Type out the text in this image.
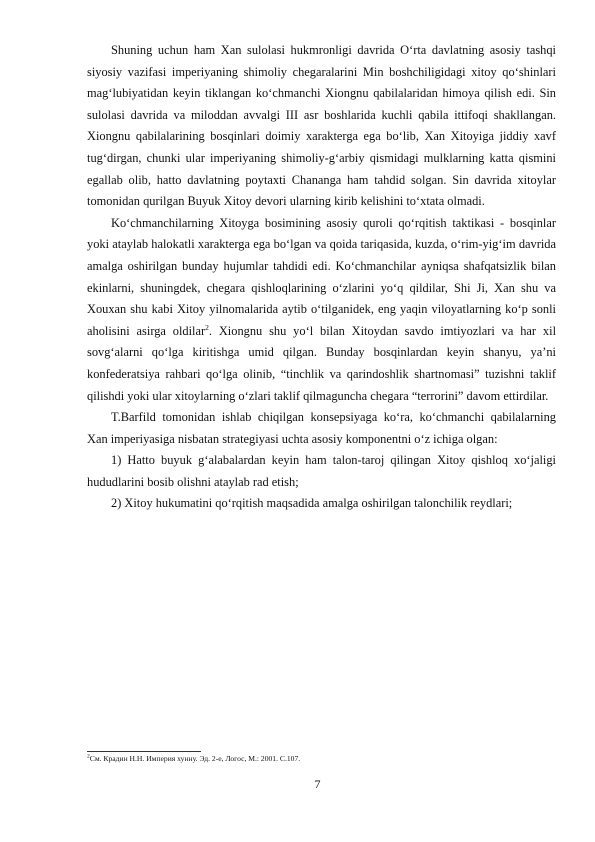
Shuning uchun ham Xan sulolasi hukmronligi davrida O‘rta davlatning asosiy tashqi siyosiy vazifasi imperiyaning shimoliy chegaralarini Min boshchiligidagi xitoy qo‘shinlari mag‘lubiyatidan keyin tiklangan ko‘chmanchi Xiongnu qabilalaridan himoya qilish edi. Sin sulolasi davrida va miloddan avvalgi III asr boshlarida kuchli qabila ittifoqi shakllangan. Xiongnu qabilalarining bosqinlari doimiy xarakterga ega bo‘lib, Xan Xitoyiga jiddiy xavf tug‘dirgan, chunki ular imperiyaning shimoliy-g‘arbiy qismidagi mulklarning katta qismini egallab olib, hatto davlatning poytaxti Chananga ham tahdid solgan. Sin davrida xitoylar tomonidan qurilgan Buyuk Xitoy devori ularning kirib kelishini to‘xtata olmadi.

Ko‘chmanchilarning Xitoyga bosimining asosiy quroli qo‘rqitish taktikasi - bosqinlar yoki ataylab halokatli xarakterga ega bo‘lgan va qoida tariqasida, kuzda, o‘rim-yig‘im davrida amalga oshirilgan bunday hujumlar tahdidi edi. Ko‘chmanchilar ayniqsa shafqatsizlik bilan ekinlarni, shuningdek, chegara qishloqlarining o‘zlarini yo‘q qildilar, Shi Ji, Xan shu va Xouxan shu kabi Xitoy yilnomalarida aytib o‘tilganidek, eng yaqin viloyatlarning ko‘p sonli aholisini asirga oldilar$^2$. Xiongnu shu yo‘l bilan Xitoydan savdo imtiyozlari va har xil sovg‘alarni qo‘lga kiritishga umid qilgan. Bunday bosqinlardan keyin shanyu, ya’ni konfederatsiya rahbari qo‘lga olinib, “tinchlik va qarindoshlik shartnomasi” tuzishni taklif qilishdi yoki ular xitoylarning o‘zlari taklif qilmaguncha chegara “terrorini” davom ettirdilar.

T.Barfild tomonidan ishlab chiqilgan konsepsiyaga ko‘ra, ko‘chmanchi qabilalarning Xan imperiyasiga nisbatan strategiyasi uchta asosiy komponentni o‘z ichiga olgan:

1) Hatto buyuk g‘alabalardan keyin ham talon-taroj qilingan Xitoy qishloq xo‘jaligi hududlarini bosib olishni ataylab rad etish;

2) Xitoy hukumatini qo‘rqitish maqsadida amalga oshirilgan talonchilik reydlari;

$^2$См. Крадин Н.Н. Империя хунну. Эд. 2-е, Логос, М.: 2001. С.107.
7
